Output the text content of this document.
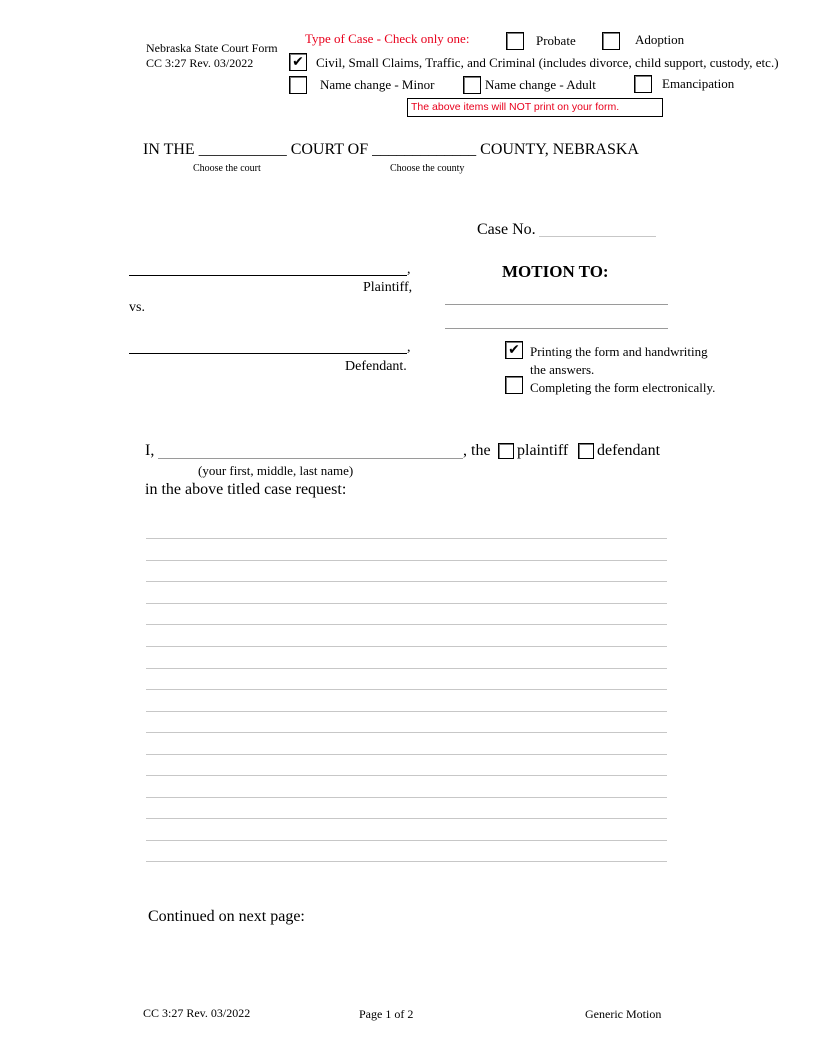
Nebraska State Court Form
CC 3:27 Rev. 03/2022
Type of Case - Check only one:	Probate	Adoption
✔ Civil, Small Claims, Traffic, and Criminal (includes divorce, child support, custody, etc.)
Name change - Minor	Name change - Adult	Emancipation
The above items will NOT print on your form.
IN THE ___________ COURT OF _____________ COUNTY, NEBRASKA
Choose the court	Choose the county
Case No.
,
Plaintiff,
vs.
,
Defendant.
MOTION TO:
✔ Printing the form and handwriting
the answers.
Completing the form electronically.
I,	, the plaintiff defendant
(your first, middle, last name)
in the above titled case request:
Continued on next page:
CC 3:27 Rev. 03/2022	Page 1 of 2	Generic Motion
